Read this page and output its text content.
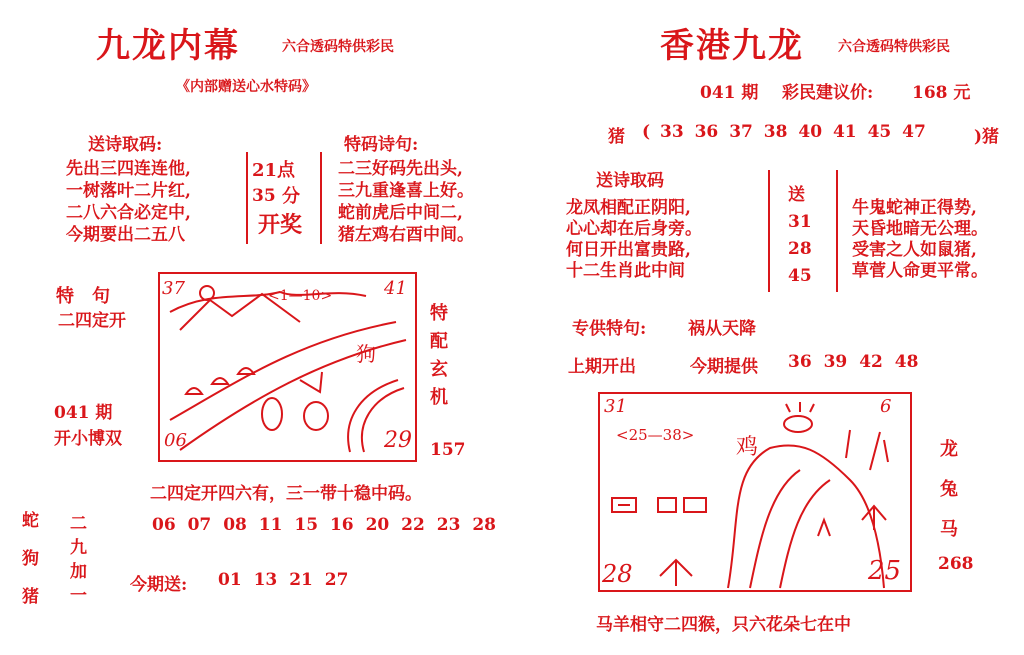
九龙内幕	六合透码特供彩民
《内部赠送心水特码》
送诗取码:
先出三四连连他,
一树落叶二片红,
二八六合必定中,
今期要出二五八
21点
35 分
开奖
特码诗句:
二三好码先出头,
三九重逢喜上好。
蛇前虎后中间二,
猪左鸡右酉中间。
特　句
二四定开
041 期
开小博双
37	41
06	29
<1—10>
狗
特
配
玄
机
157
二四定开四六有，三一带十稳中码。
蛇
狗
猪
二
九
加
一
06 07 08 11 15 16 20 22 23 28
今期送: 01 13 21 27
香港九龙 六合透码特供彩民
041 期 彩民建议价: 168 元
猪 ( 33 36 37 38 40 41 45 47	)猪
送诗取码
龙凤相配正阴阳,
心心却在后身旁。
何日开出富贵路,
十二生肖此中间
送
31
28
45
牛鬼蛇神正得势,
天昏地暗无公理。
受害之人如鼠猪,
草菅人命更平常。
专供特句: 祸从天降
上期开出	今期提供 36 39 42 48
31	6
28	25
<25—38> 鸡	龙
兔
马
268
马羊相守二四猴，只六花朵七在中
